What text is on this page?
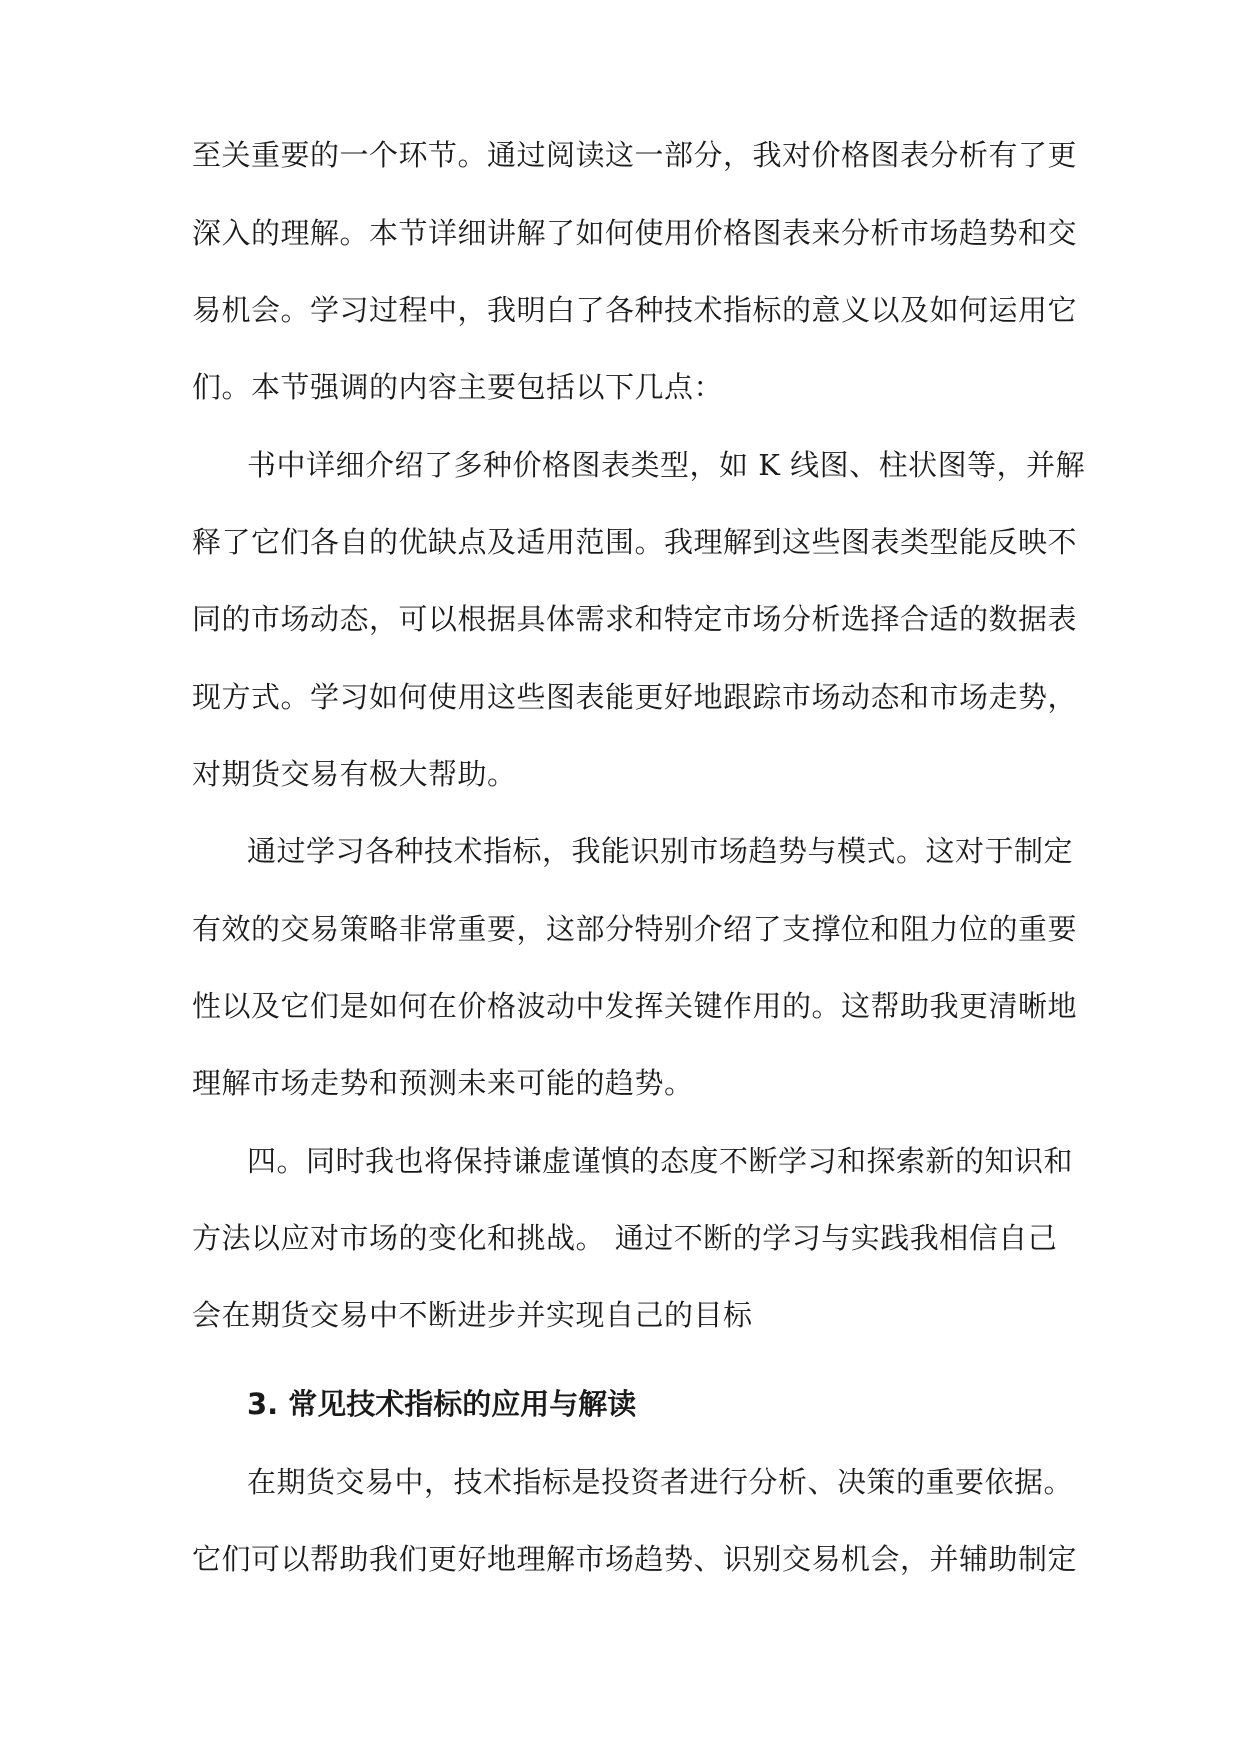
至关重要的一个环节。通过阅读这一部分，我对价格图表分析有了更
深入的理解。本节详细讲解了如何使用价格图表来分析市场趋势和交
易机会。学习过程中，我明白了各种技术指标的意义以及如何运用它
们。本节强调的内容主要包括以下几点：
书中详细介绍了多种价格图表类型，如 K 线图、柱状图等，并解
释了它们各自的优缺点及适用范围。我理解到这些图表类型能反映不
同的市场动态，可以根据具体需求和特定市场分析选择合适的数据表
现方式。学习如何使用这些图表能更好地跟踪市场动态和市场走势，
对期货交易有极大帮助。
通过学习各种技术指标，我能识别市场趋势与模式。这对于制定
有效的交易策略非常重要，这部分特别介绍了支撑位和阻力位的重要
性以及它们是如何在价格波动中发挥关键作用的。这帮助我更清晰地
理解市场走势和预测未来可能的趋势。
四。同时我也将保持谦虚谨慎的态度不断学习和探索新的知识和
方法以应对市场的变化和挑战。 通过不断的学习与实践我相信自己
会在期货交易中不断进步并实现自己的目标
3. 常见技术指标的应用与解读
在期货交易中，技术指标是投资者进行分析、决策的重要依据。
它们可以帮助我们更好地理解市场趋势、识别交易机会，并辅助制定
